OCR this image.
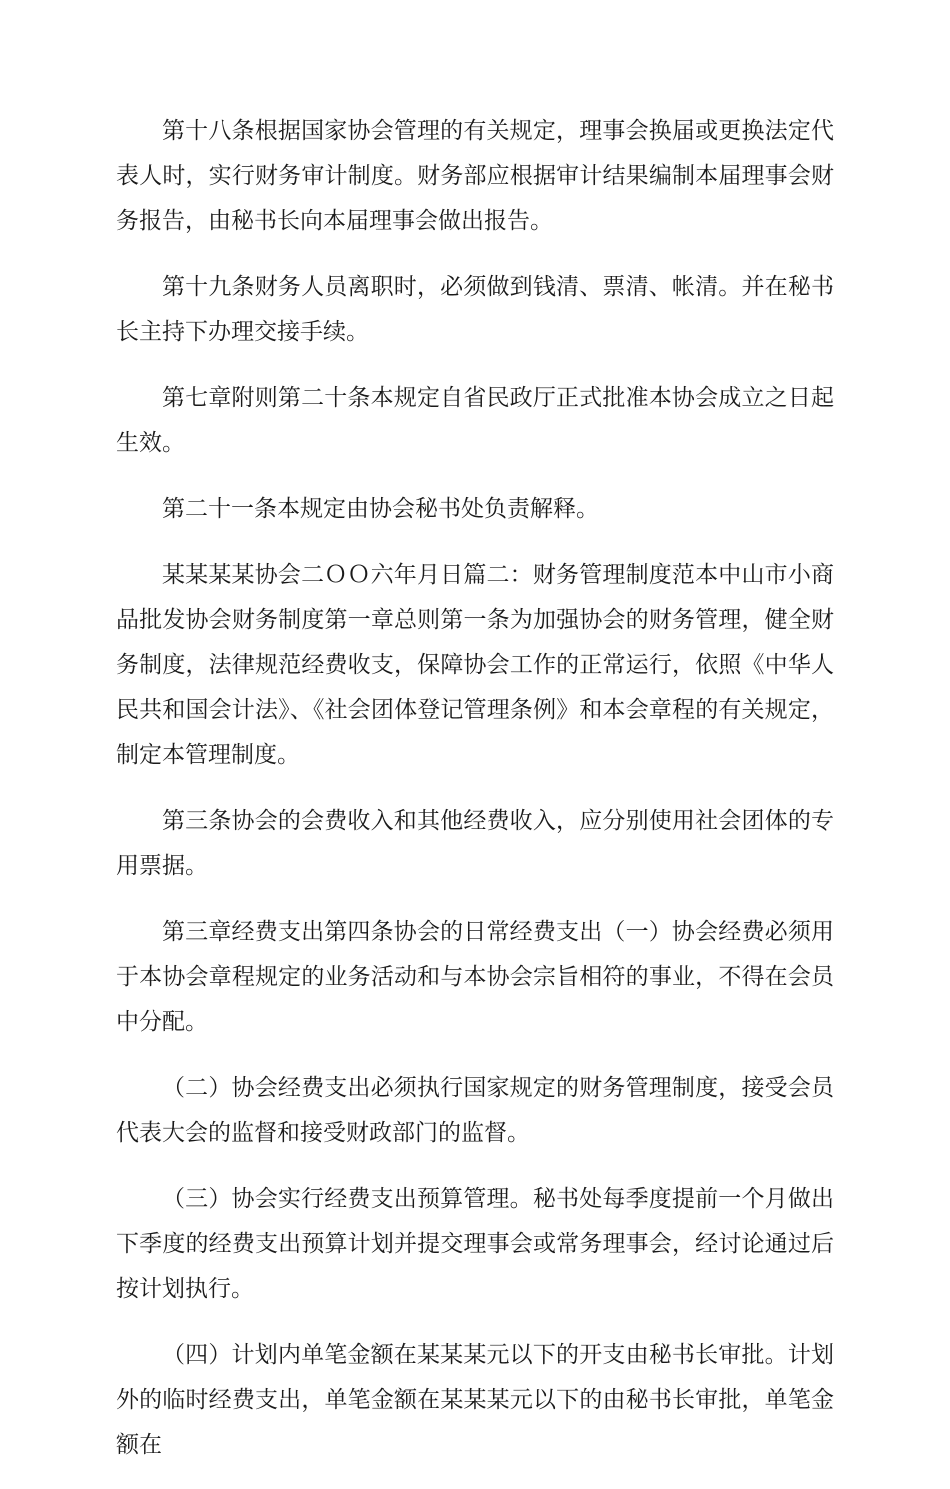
第十八条根据国家协会管理的有关规定，理事会换届或更换法定代表人时，实行财务审计制度。财务部应根据审计结果编制本届理事会财务报告，由秘书长向本届理事会做出报告。

第十九条财务人员离职时，必须做到钱清、票清、帐清。并在秘书长主持下办理交接手续。

第七章附则第二十条本规定自省民政厅正式批准本协会成立之日起生效。

第二十一条本规定由协会秘书处负责解释。

某某某某协会二ＯＯ六年月日篇二：财务管理制度范本中山市小商品批发协会财务制度第一章总则第一条为加强协会的财务管理，健全财务制度，法律规范经费收支，保障协会工作的正常运行，依照《中华人民共和国会计法》、《社会团体登记管理条例》和本会章程的有关规定，制定本管理制度。

第三条协会的会费收入和其他经费收入，应分别使用社会团体的专用票据。

第三章经费支出第四条协会的日常经费支出（一）协会经费必须用于本协会章程规定的业务活动和与本协会宗旨相符的事业，不得在会员中分配。

（二）协会经费支出必须执行国家规定的财务管理制度，接受会员代表大会的监督和接受财政部门的监督。

（三）协会实行经费支出预算管理。秘书处每季度提前一个月做出下季度的经费支出预算计划并提交理事会或常务理事会，经讨论通过后按计划执行。

（四）计划内单笔金额在某某某元以下的开支由秘书长审批。计划外的临时经费支出，单笔金额在某某某元以下的由秘书长审批，单笔金额在
